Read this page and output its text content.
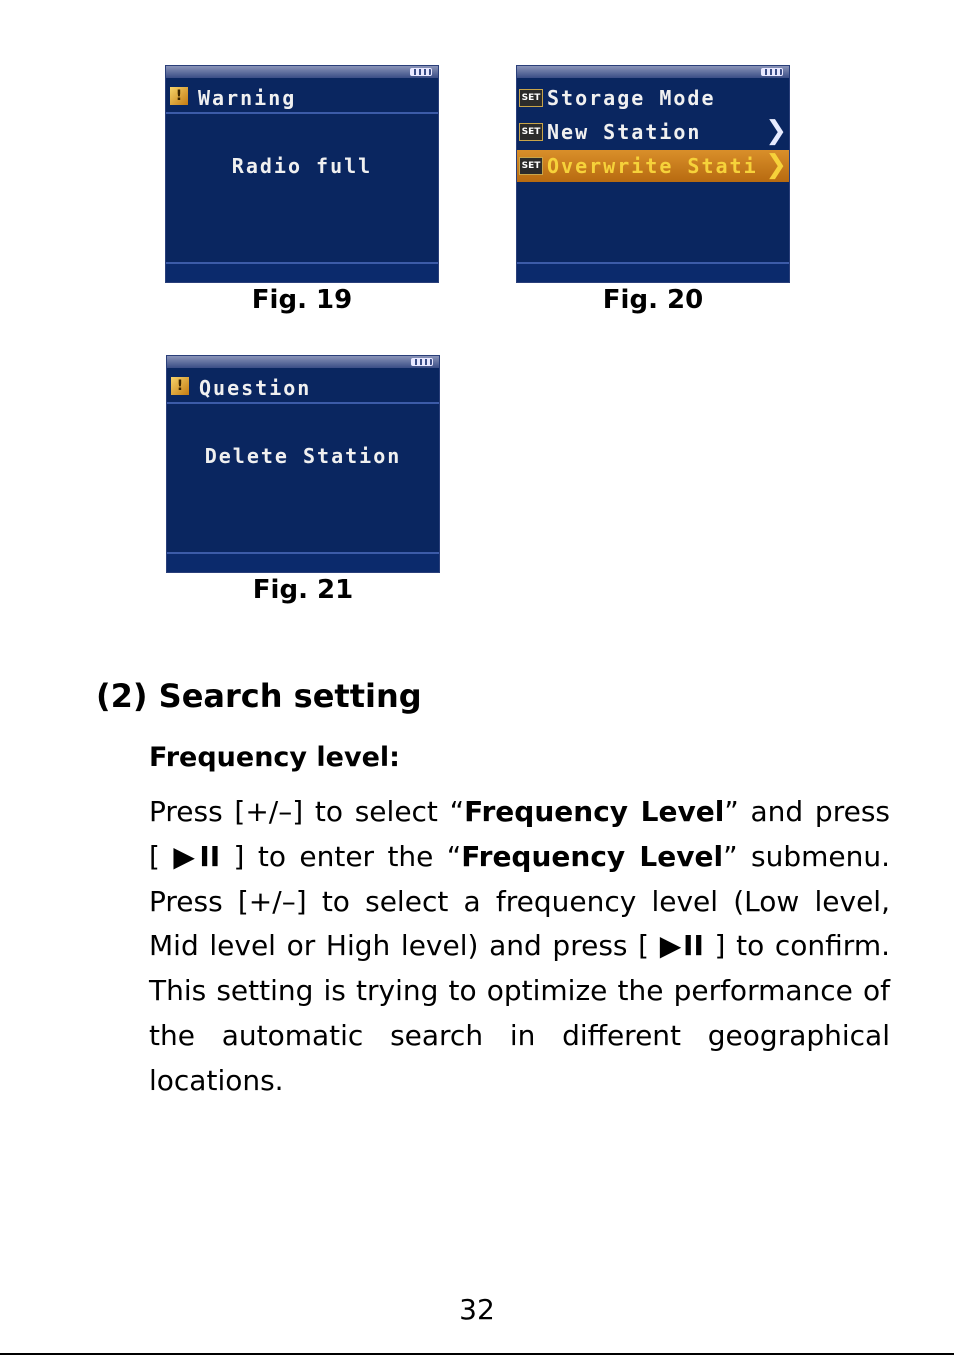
! Warning
Radio full
Fig. 19
SET Storage Mode
SET New Station ❯
SET Overwrite Stati ❯
Fig. 20
! Question
Delete Station
Fig. 21
(2) Search setting
Frequency level:
Press [+/–] to select “Frequency Level” and press [ ▶II ] to enter the “Frequency Level” submenu. Press [+/–] to select a frequency level (Low level, Mid level or High level) and press [ ▶II ] to confirm. This setting is trying to optimize the performance of the automatic search in different geographical locations.
32
